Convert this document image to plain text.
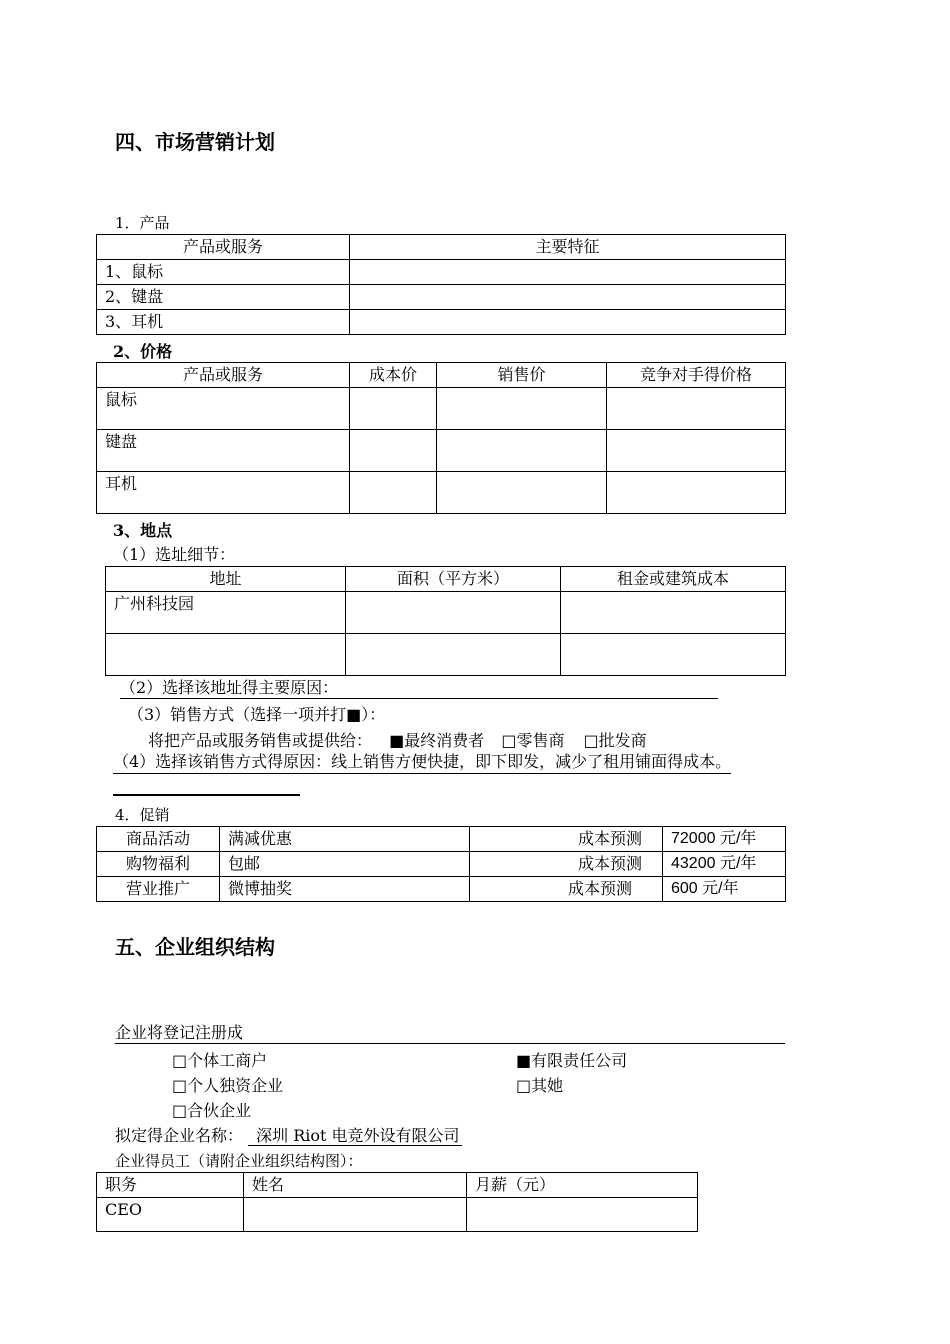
四、市场营销计划
1．产品
产品或服务	主要特征
1、鼠标	
2、键盘	
3、耳机	
2、价格
产品或服务	成本价	销售价	竞争对手得价格
鼠标			
键盘			
耳机			
3、地点
（1）选址细节：
地址	面积（平方米）	租金或建筑成本
广州科技园		

（2）选择该地址得主要原因：
（3）销售方式（选择一项并打■）：
将把产品或服务销售或提供给： ■最终消费者 □零售商 □批发商
（4）选择该销售方式得原因：线上销售方便快捷，即下即发，减少了租用铺面得成本。
4．促销
商品活动	满减优惠	成本预测	72000 元/年
购物福利	包邮	成本预测	43200 元/年
营业推广	微博抽奖	成本预测	600 元/年
五、企业组织结构
企业将登记注册成
□个体工商户
□个人独资企业
□合伙企业
■有限责任公司
□其她
拟定得企业名称： 深圳 Riot 电竞外设有限公司
企业得员工（请附企业组织结构图）：
职务	姓名	月薪（元）
CEO		
